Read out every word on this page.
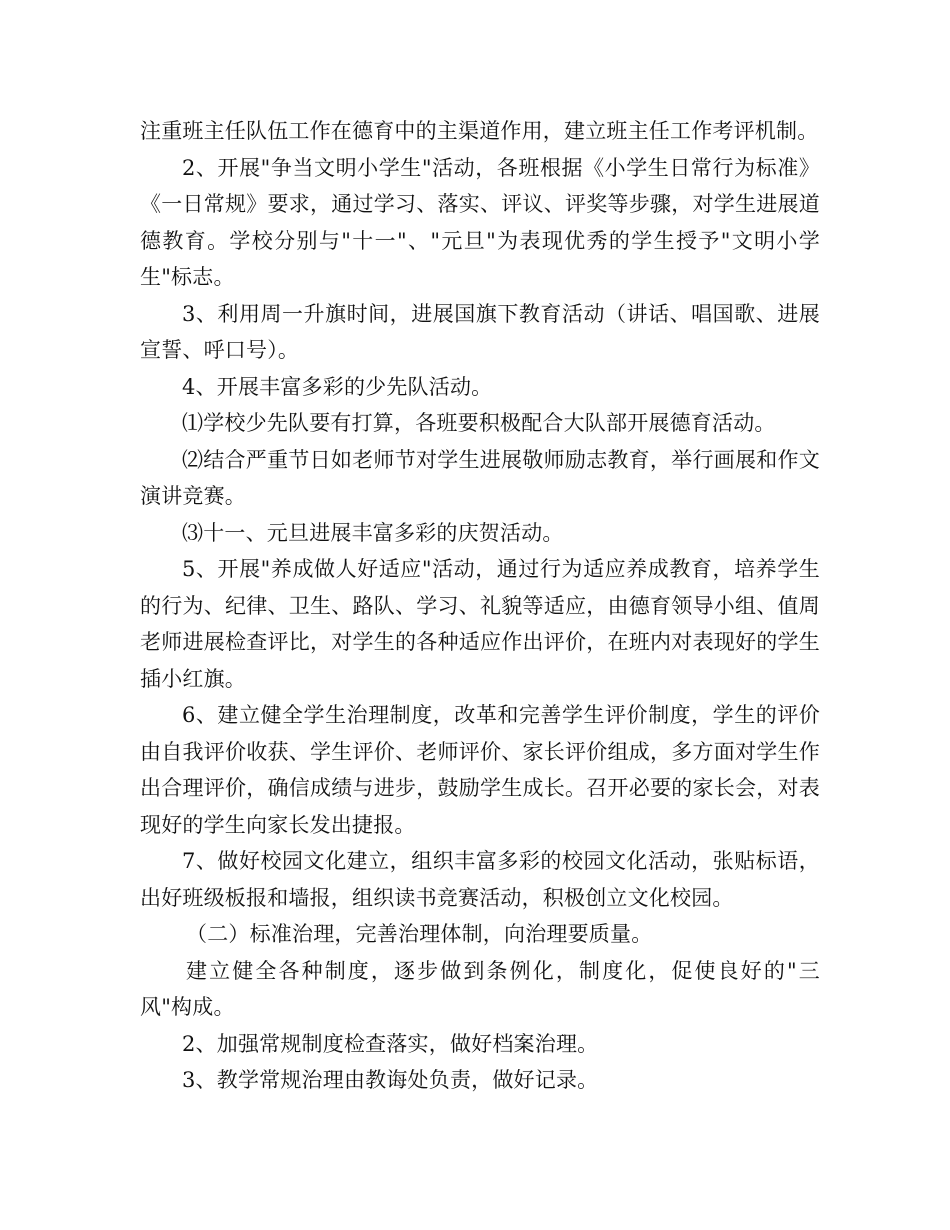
注重班主任队伍工作在德育中的主渠道作用，建立班主任工作考评机制。

2、开展"争当文明小学生"活动，各班根据《小学生日常行为标准》《一日常规》要求，通过学习、落实、评议、评奖等步骤，对学生进展道德教育。学校分别与"十一"、"元旦"为表现优秀的学生授予"文明小学生"标志。

3、利用周一升旗时间，进展国旗下教育活动（讲话、唱国歌、进展宣誓、呼口号）。

4、开展丰富多彩的少先队活动。

⑴学校少先队要有打算，各班要积极配合大队部开展德育活动。

⑵结合严重节日如老师节对学生进展敬师励志教育，举行画展和作文演讲竞赛。

⑶十一、元旦进展丰富多彩的庆贺活动。

5、开展"养成做人好适应"活动，通过行为适应养成教育，培养学生的行为、纪律、卫生、路队、学习、礼貌等适应，由德育领导小组、值周老师进展检查评比，对学生的各种适应作出评价，在班内对表现好的学生插小红旗。

6、建立健全学生治理制度，改革和完善学生评价制度，学生的评价由自我评价收获、学生评价、老师评价、家长评价组成，多方面对学生作出合理评价，确信成绩与进步，鼓励学生成长。召开必要的家长会，对表现好的学生向家长发出捷报。

7、做好校园文化建立，组织丰富多彩的校园文化活动，张贴标语，出好班级板报和墙报，组织读书竞赛活动，积极创立文化校园。

（二）标准治理，完善治理体制，向治理要质量。

建立健全各种制度，逐步做到条例化，制度化，促使良好的"三风"构成。

2、加强常规制度检查落实，做好档案治理。

3、教学常规治理由教诲处负责，做好记录。
